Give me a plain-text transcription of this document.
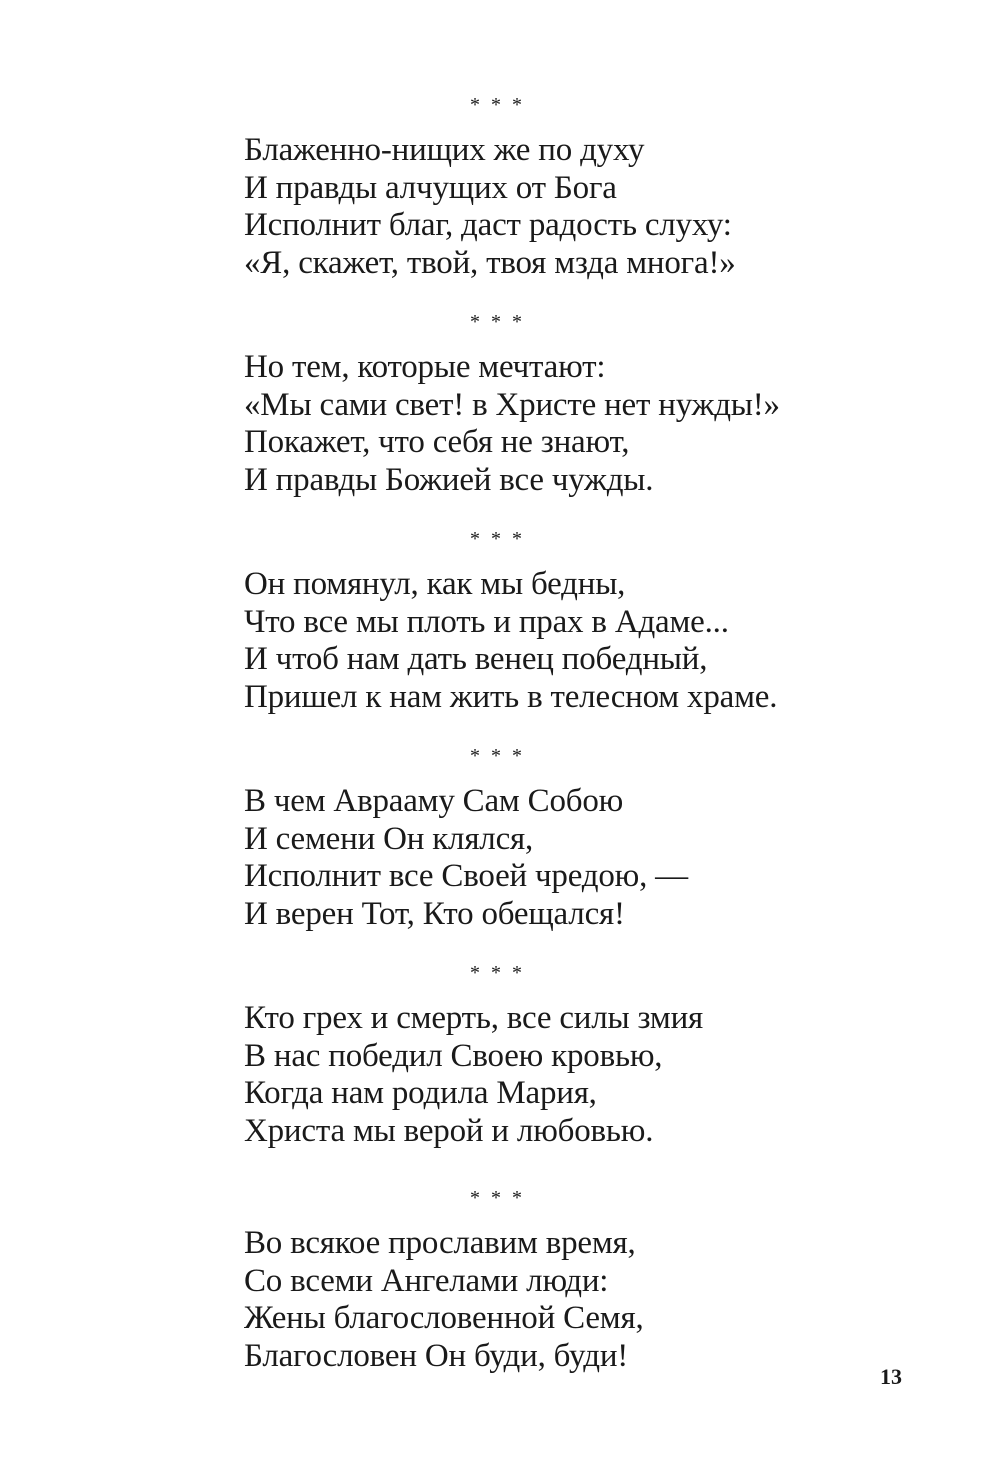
* * *
Блаженно-нищих же по духу
И правды алчущих от Бога
Исполнит благ, даст радость слуху:
«Я, скажет, твой, твоя мзда многа!»
* * *
Но тем, которые мечтают:
«Мы сами свет! в Христе нет нужды!»
Покажет, что себя не знают,
И правды Божией все чужды.
* * *
Он помянул, как мы бедны,
Что все мы плоть и прах в Адаме...
И чтоб нам дать венец победный,
Пришел к нам жить в телесном храме.
* * *
В чем Аврааму Сам Собою
И семени Он клялся,
Исполнит все Своей чредою, —
И верен Тот, Кто обещался!
* * *
Кто грех и смерть, все силы змия
В нас победил Своею кровью,
Когда нам родила Мария,
Христа мы верой и любовью.
* * *
Во всякое прославим время,
Со всеми Ангелами люди:
Жены благословенной Семя,
Благословен Он буди, буди!
13
